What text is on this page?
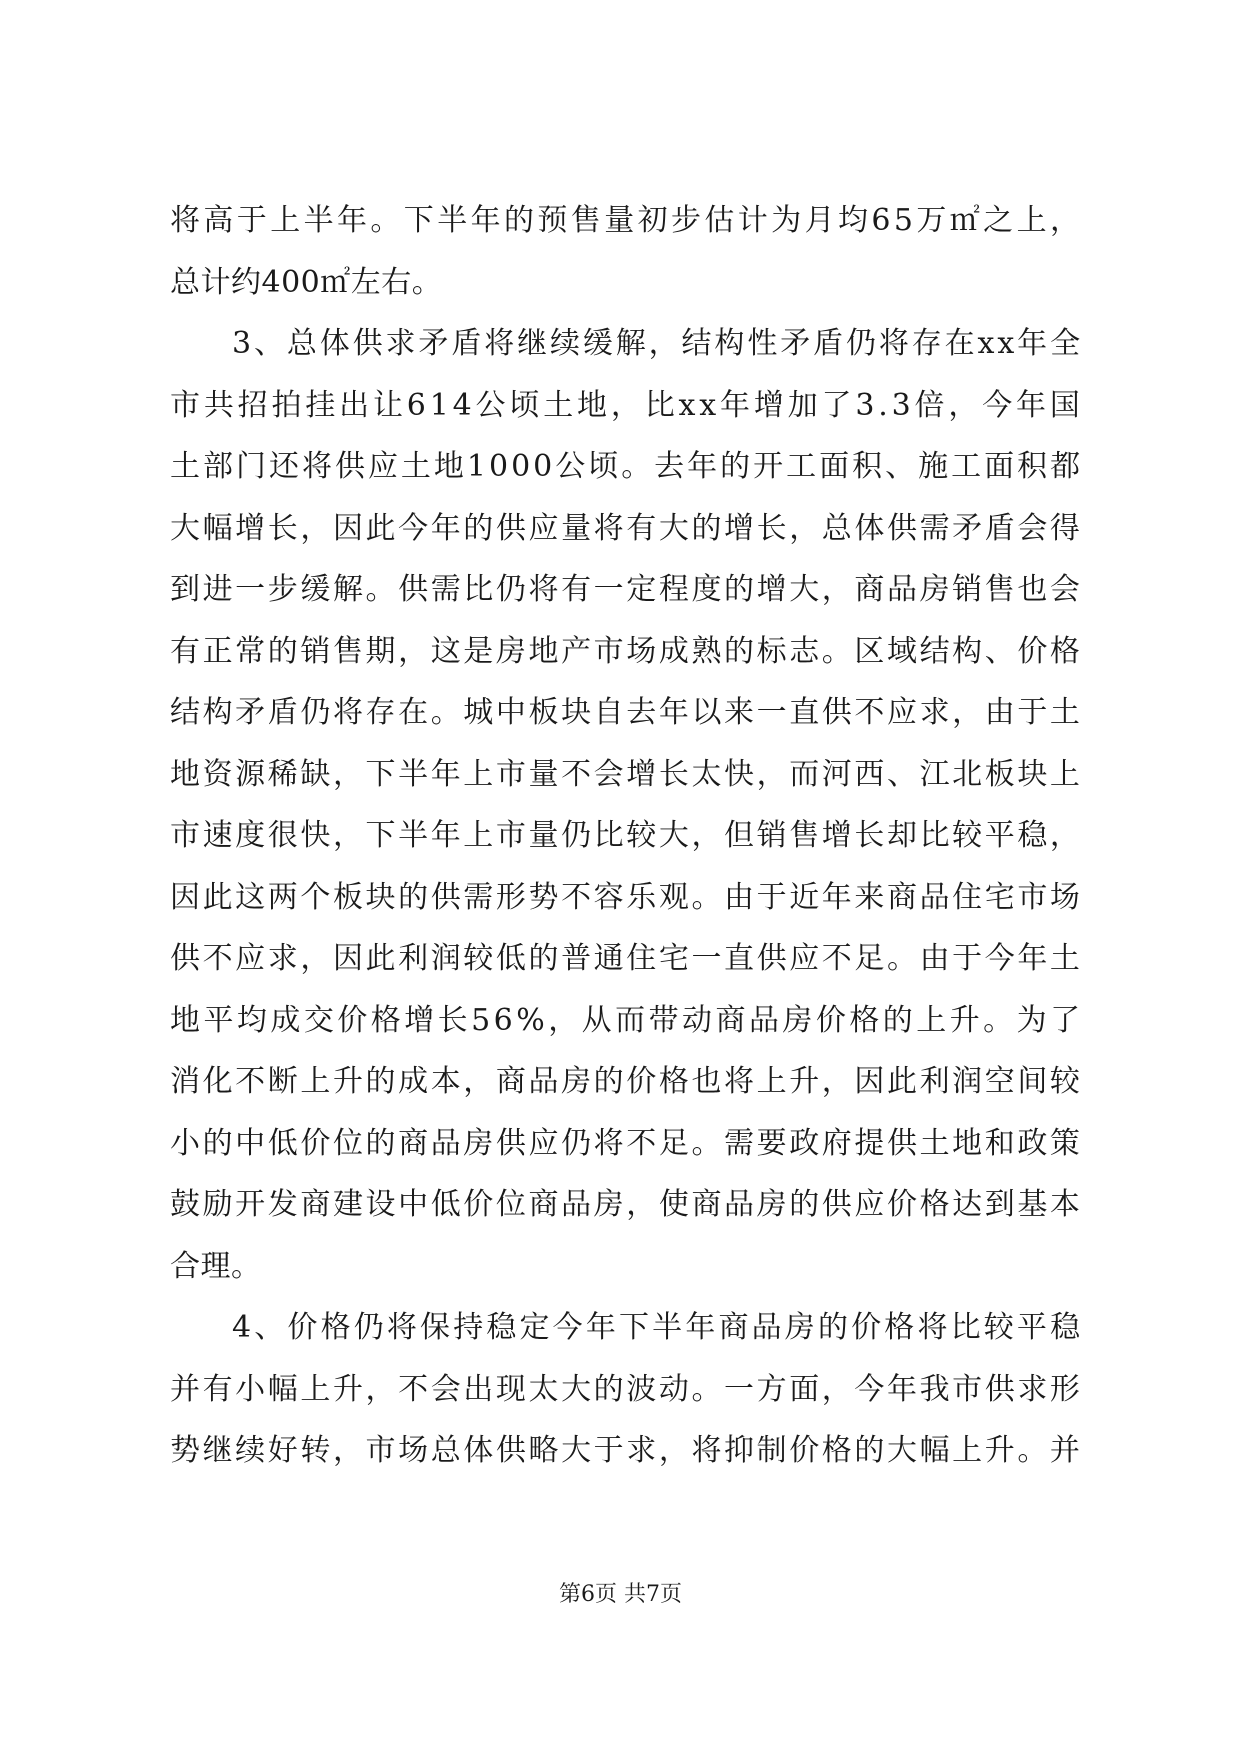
将高于上半年。下半年的预售量初步估计为月均65万㎡之上，
总计约400㎡左右。
3、总体供求矛盾将继续缓解，结构性矛盾仍将存在xx年全
市共招拍挂出让614公顷土地，比xx年增加了3.3倍，今年国
土部门还将供应土地1000公顷。去年的开工面积、施工面积都
大幅增长，因此今年的供应量将有大的增长，总体供需矛盾会得
到进一步缓解。供需比仍将有一定程度的增大，商品房销售也会
有正常的销售期，这是房地产市场成熟的标志。区域结构、价格
结构矛盾仍将存在。城中板块自去年以来一直供不应求，由于土
地资源稀缺，下半年上市量不会增长太快，而河西、江北板块上
市速度很快，下半年上市量仍比较大，但销售增长却比较平稳，
因此这两个板块的供需形势不容乐观。由于近年来商品住宅市场
供不应求，因此利润较低的普通住宅一直供应不足。由于今年土
地平均成交价格增长56%，从而带动商品房价格的上升。为了
消化不断上升的成本，商品房的价格也将上升，因此利润空间较
小的中低价位的商品房供应仍将不足。需要政府提供土地和政策
鼓励开发商建设中低价位商品房，使商品房的供应价格达到基本
合理。
4、价格仍将保持稳定今年下半年商品房的价格将比较平稳
并有小幅上升，不会出现太大的波动。一方面，今年我市供求形
势继续好转，市场总体供略大于求，将抑制价格的大幅上升。并
第6页 共7页
